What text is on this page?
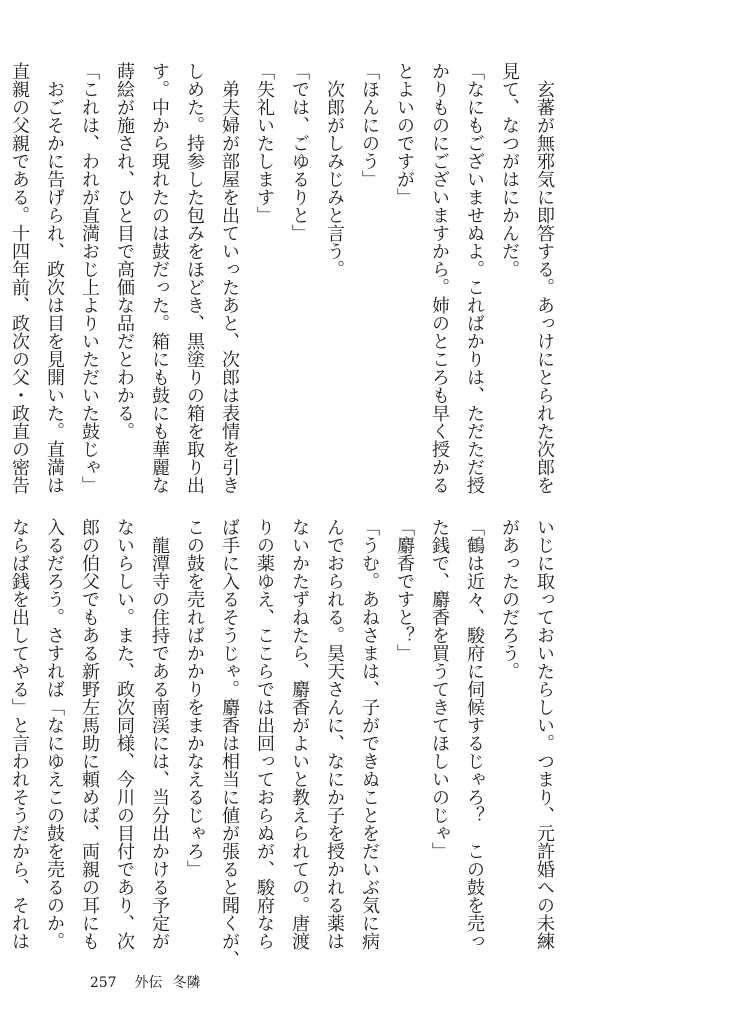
　玄蕃が無邪気に即答する。あっけにとられた次郎を

見て、なつがはにかんだ。

「なにもございませぬよ。こればかりは、ただただ授

かりものにございますから。姉のところも早く授かる

とよいのですが」

「ほんにのう」

　次郎がしみじみと言う。

「では、ごゆるりと」

「失礼いたします」

　弟夫婦が部屋を出ていったあと、次郎は表情を引き

しめた。持参した包みをほどき、黒塗りの箱を取り出

す。中から現れたのは鼓だった。箱にも鼓にも華麗な

蒔絵が施され、ひと目で高価な品だとわかる。

「これは、われが直満おじ上よりいただいた鼓じゃ」

　おごそかに告げられ、政次は目を見開いた。直満は

直親の父親である。十四年前、政次の父・政直の密告

いじに取っておいたらしい。つまり、元許婚への未練

があったのだろう。

「鶴は近々、駿府に伺候するじゃろ？　この鼓を売っ

た銭で、麝香を買うてきてほしいのじゃ」

「麝香ですと？」

「うむ。あねさまは、子ができぬことをだいぶ気に病

んでおられる。昊天さんに、なにか子を授かれる薬は

ないかたずねたら、麝香がよいと教えられての。唐渡

りの薬ゆえ、ここらでは出回っておらぬが、駿府なら

ば手に入るそうじゃ。麝香は相当に値が張ると聞くが、

この鼓を売ればかかりをまかなえるじゃろ」

　龍潭寺の住持である南渓には、当分出かける予定が

ないらしい。また、政次同様、今川の目付であり、次

郎の伯父でもある新野左馬助に頼めば、両親の耳にも

入るだろう。さすれば「なにゆえこの鼓を売るのか。

ならば銭を出してやる」と言われそうだから、それは

257 外伝 冬隣
